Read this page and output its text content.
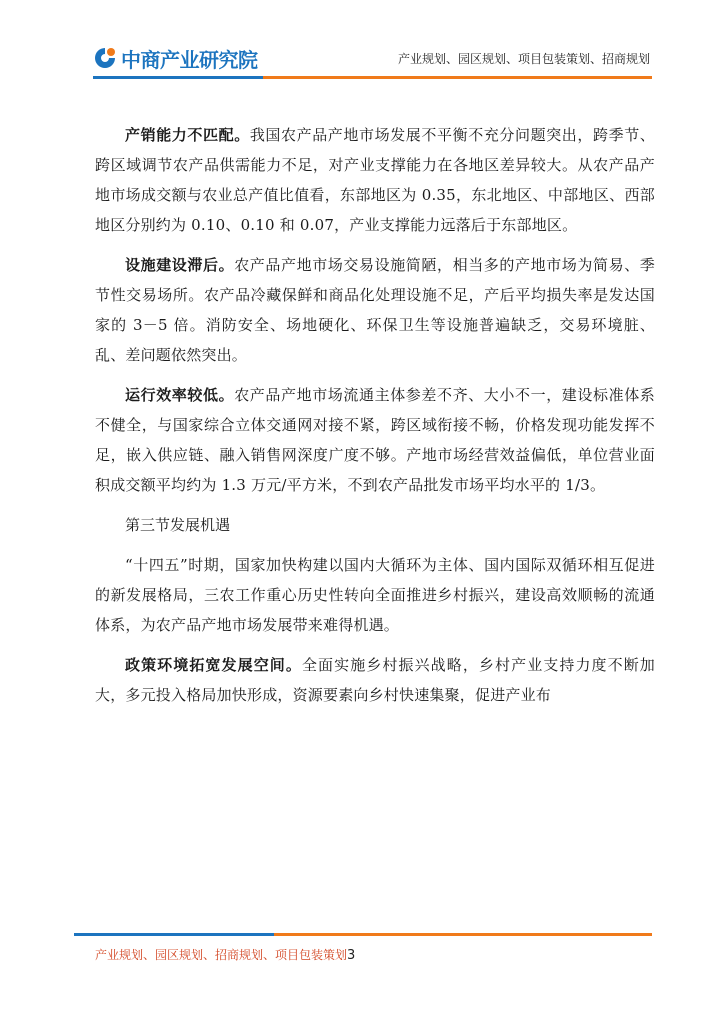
中商产业研究院	产业规划、园区规划、项目包装策划、招商规划

产销能力不匹配。我国农产品产地市场发展不平衡不充分问题突出，跨季节、跨区域调节农产品供需能力不足，对产业支撑能力在各地区差异较大。从农产品产地市场成交额与农业总产值比值看，东部地区为 0.35，东北地区、中部地区、西部地区分别约为 0.10、0.10 和 0.07，产业支撑能力远落后于东部地区。

设施建设滞后。农产品产地市场交易设施简陋，相当多的产地市场为简易、季节性交易场所。农产品冷藏保鲜和商品化处理设施不足，产后平均损失率是发达国家的 3－5 倍。消防安全、场地硬化、环保卫生等设施普遍缺乏，交易环境脏、乱、差问题依然突出。

运行效率较低。农产品产地市场流通主体参差不齐、大小不一，建设标准体系不健全，与国家综合立体交通网对接不紧，跨区域衔接不畅，价格发现功能发挥不足，嵌入供应链、融入销售网深度广度不够。产地市场经营效益偏低，单位营业面积成交额平均约为 1.3 万元/平方米，不到农产品批发市场平均水平的 1/3。

第三节发展机遇

“十四五”时期，国家加快构建以国内大循环为主体、国内国际双循环相互促进的新发展格局，三农工作重心历史性转向全面推进乡村振兴，建设高效顺畅的流通体系，为农产品产地市场发展带来难得机遇。

政策环境拓宽发展空间。全面实施乡村振兴战略，乡村产业支持力度不断加大，多元投入格局加快形成，资源要素向乡村快速集聚，促进产业布

产业规划、园区规划、招商规划、项目包装策划3
